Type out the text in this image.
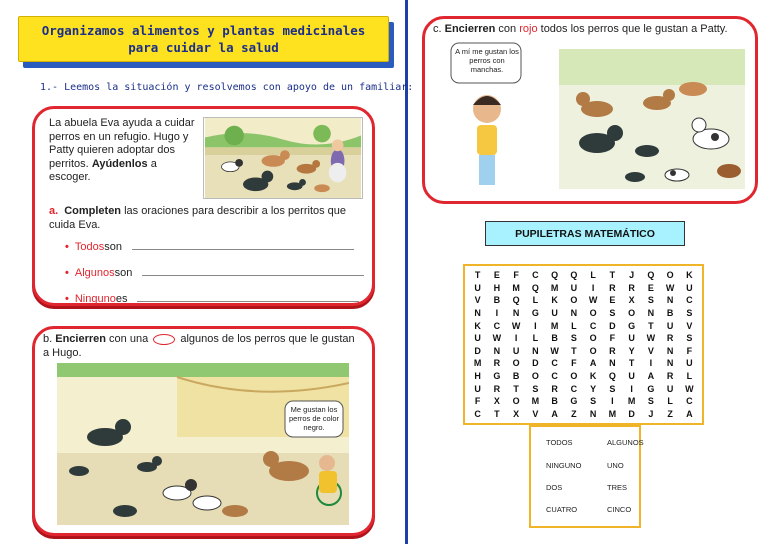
Organizamos alimentos y plantas medicinales
para cuidar la salud
1.- Leemos la situación y resolvemos con apoyo de un familiar:
La abuela Eva ayuda a cuidar perros en un refugio. Hugo y Patty quieren adoptar dos perritos. Ayúdenlos a escoger.
a. Completen las oraciones para describir a los perritos que cuida Eva.
• Todos son
• Algunos son
• Ninguno es
b. Encierren con una  algunos de los perros que le gustan a Hugo.
Me gustan los perros de color negro.
c. Encierren con rojo todos los perros que le gustan a Patty.
A mí me gustan los perros con manchas.
PUPILETRAS MATEMÁTICO
T	E	F	C	Q	Q	L	T	J	Q	O	K
U	H	M	Q	M	U	I	R	R	E	W	U
V	B	Q	L	K	O	W	E	X	S	N	C
N	I	N	G	U	N	O	S	O	N	B	S
K	C	W	I	M	L	C	D	G	T	U	V
U	W	I	L	B	S	O	F	U	W	R	S
D	N	U	N	W	T	O	R	Y	V	N	F
M	R	O	D	C	F	A	N	T	I	N	U
H	G	B	O	C	O	K	Q	U	A	R	L
U	R	T	S	R	C	Y	S	I	G	U	W
F	X	O	M	B	G	S	I	M	S	L	C
C	T	X	V	A	Z	N	M	D	J	Z	A
TODOS	ALGUNOS
NINGUNO	UNO
DOS	TRES
CUATRO	CINCO
